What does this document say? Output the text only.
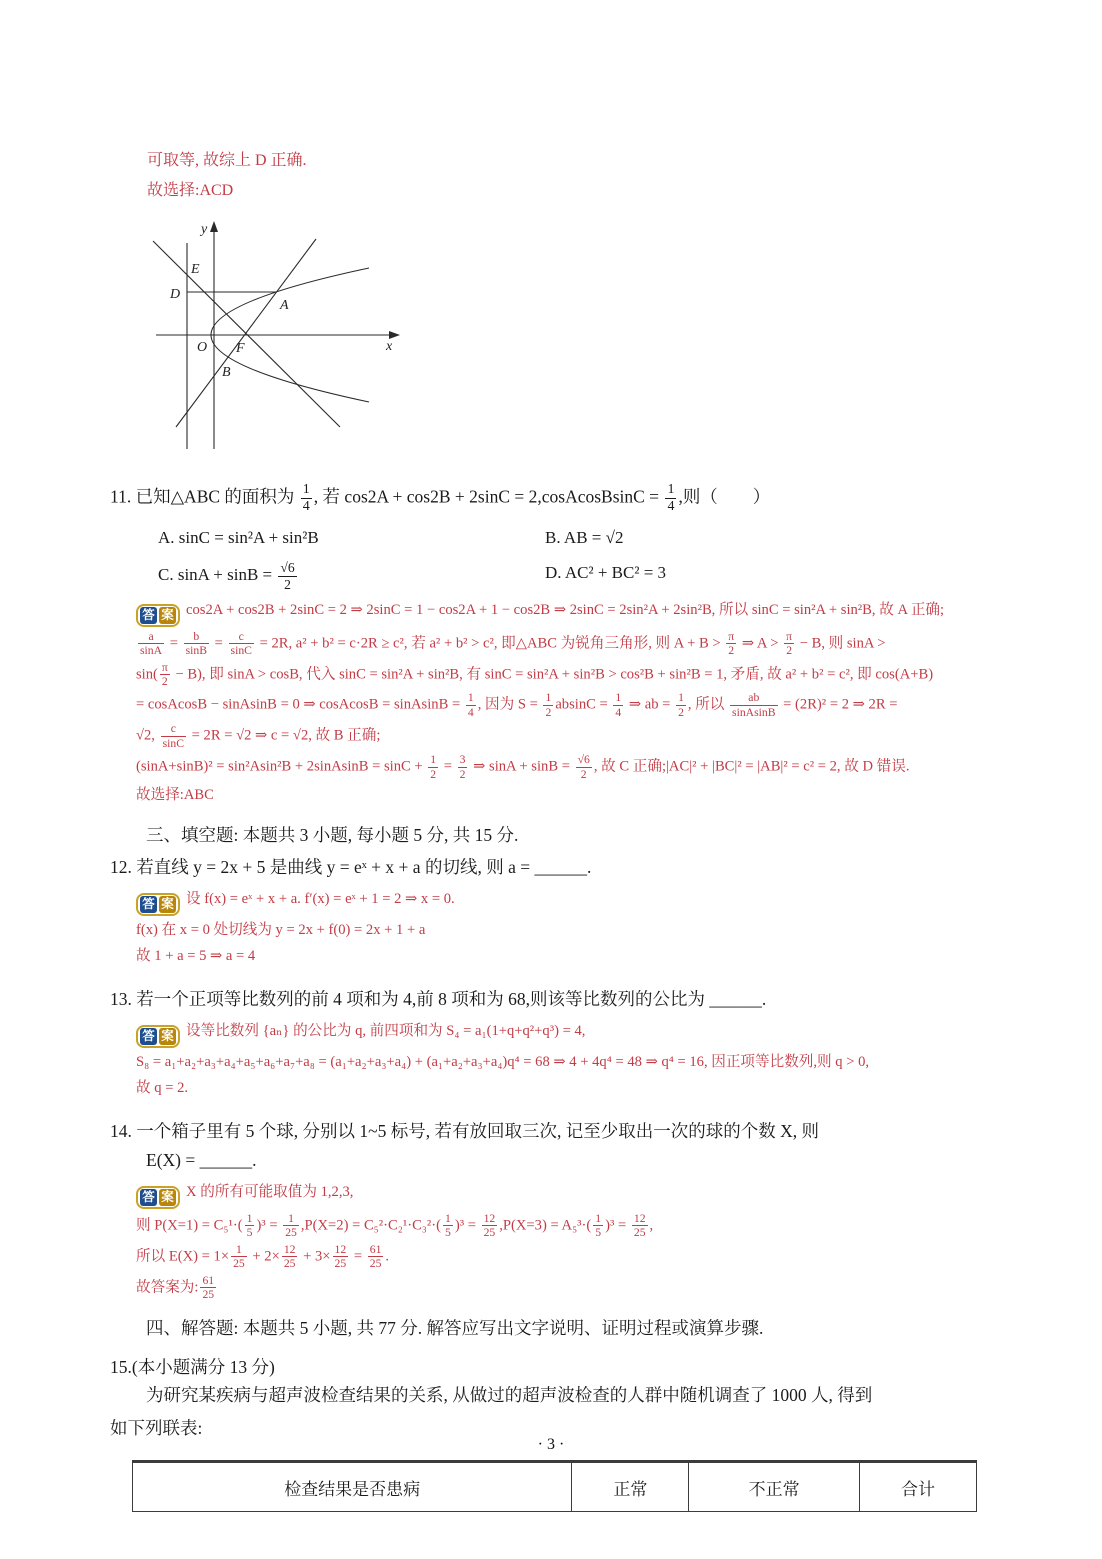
可取等, 故综上 D 正确.
故选择:ACD
y
x
E
D
A
O F
B
11. 已知△ABC 的面积为 $\frac{1}{4}$ , 若 cos2A + cos2B + 2sinC = 2,cosAcosBsinC = $\frac{1}{4}$ ,则（　　）
A. sinC = sin²A + sin²B	B. AB = √2
C. $\sin A + \sin B = \frac{√6}{2}$	D. AC² + BC² = 3
答 案 cos2A + cos2B + 2sinC = 2 ⇒ 2sinC = 1 − cos2A + 1 − cos2B ⇒ 2sinC = 2sin²A + 2sin²B, 所以 sinC = sin²A + sin²B, 故 A 正确;
$\frac{a}{\sin A} = \frac{b}{\sin B} = \frac{c}{\sin C} = 2R$, a² + b² = c·2R ≥ c², 若 a² + b² > c², 即△ABC 为锐角三角形, 则 $A + B > \frac{\pi}{2}$ ⇒ $A > \frac{\pi}{2} - B$, 则 sinA >
$\sin( \frac{\pi}{2} - B)$, 即 sinA > cosB, 代入 sinC = sin²A + sin²B, 有 sinC = sin²A + sin²B > cos²B + sin²B = 1, 矛盾, 故 a² + b² = c², 即 cos(A+B)
= cosAcosB − sinAsinB = 0 ⇒ cosAcosB = sinAsinB = $\frac{1}{4}$ , 因为 $S = \frac{1}{2}$ $absinC = \frac{1}{4}$ ⇒ ab = $\frac{1}{2}$ , 所以 $\frac{ab}{\text{sinAsinB}} = (2R)^2 = 2$ ⇒ 2R =
√2, $\frac{c}{\sin C} = 2R = √2$ ⇒ c = √2, 故 B 正确;
(sinA+sinB)² = sin²Asin²B + 2sinAsinB = $\sin C + \frac{1}{2} = \frac{3}{2}$ ⇒ $\sin A + \sin B = \frac{√6}{2}$ , 故 C 正确;|AC|² + |BC|² = |AB|² = c² = 2, 故 D 错误.
故选择:ABC
三、填空题: 本题共 3 小题, 每小题 5 分, 共 15 分.
12. 若直线 y = 2x + 5 是曲线 y = eˣ + x + a 的切线, 则 a = ______.
答 案 设 f(x) = eˣ + x + a. f′(x) = eˣ + 1 = 2 ⇒ x = 0.
f(x) 在 x = 0 处切线为 y = 2x + f(0) = 2x + 1 + a
故 1 + a = 5 ⇒ a = 4
13. 若一个正项等比数列的前 4 项和为 4,前 8 项和为 68,则该等比数列的公比为 ______.
答 案 设等比数列 {aₙ} 的公比为 q, 前四项和为 S₄ = a₁(1+q+q²+q³) = 4,
S₈ = a₁+a₂+a₃+a₄+a₅+a₆+a₇+a₈ = (a₁+a₂+a₃+a₄) + (a₁+a₂+a₃+a₄)q⁴ = 68 ⇒ 4 + 4q⁴ = 48 ⇒ q⁴ = 16, 因正项等比数列,则 q > 0,
故 q = 2.
14. 一个箱子里有 5 个球, 分别以 1~5 标号, 若有放回取三次, 记至少取出一次的球的个数 X, 则
E(X) = ______.
答 案 X 的所有可能取值为 1,2,3,
则 $P(X=1) = C_5^1\cdot( \frac{1}{5} )^3 = \frac{1}{25} ,P(X=2) = C_5^2\cdot C_2^1\cdot C_3^2\cdot( \frac{1}{5} )^3 = \frac{12}{25} ,P(X=3) = A_5^3\cdot( \frac{1}{5} )^3 = \frac{12}{25}$ ,
所以 $E(X) = 1\times \frac{1}{25} + 2\times \frac{12}{25} + 3\times \frac{12}{25} = \frac{61}{25}$ .
故答案为: $\frac{61}{25}$
四、解答题: 本题共 5 小题, 共 77 分. 解答应写出文字说明、证明过程或演算步骤.
15.(本小题满分 13 分)
为研究某疾病与超声波检查结果的关系, 从做过的超声波检查的人群中随机调查了 1000 人, 得到
如下列联表:
检查结果是否患病	正常	不正常	合计
· 3 ·
